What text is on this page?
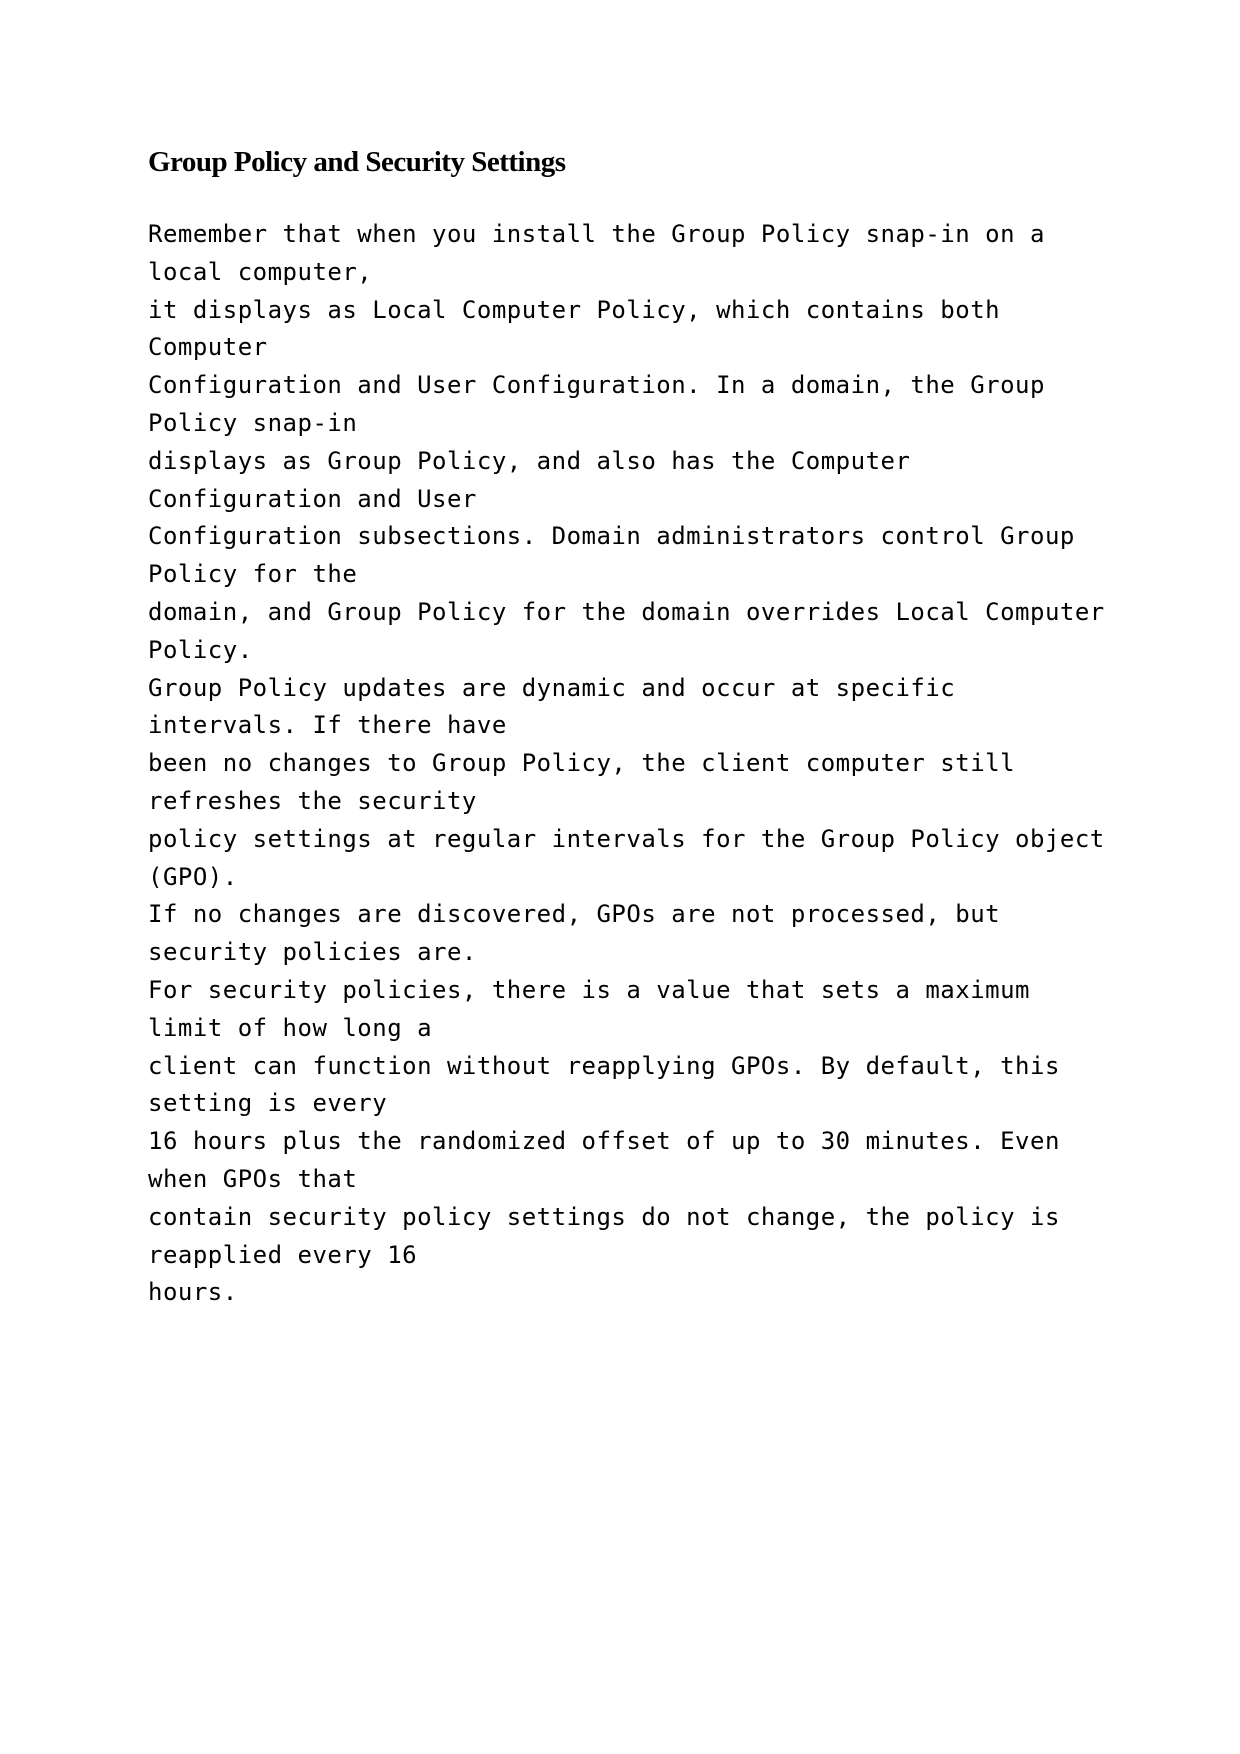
Group Policy and Security Settings
Remember that when you install the Group Policy snap-in on a
local computer,
it displays as Local Computer Policy, which contains both
Computer
Configuration and User Configuration. In a domain, the Group
Policy snap-in
displays as Group Policy, and also has the Computer
Configuration and User
Configuration subsections. Domain administrators control Group
Policy for the
domain, and Group Policy for the domain overrides Local Computer
Policy.
Group Policy updates are dynamic and occur at specific
intervals. If there have
been no changes to Group Policy, the client computer still
refreshes the security
policy settings at regular intervals for the Group Policy object
(GPO).
If no changes are discovered, GPOs are not processed, but
security policies are.
For security policies, there is a value that sets a maximum
limit of how long a
client can function without reapplying GPOs. By default, this
setting is every
16 hours plus the randomized offset of up to 30 minutes. Even
when GPOs that
contain security policy settings do not change, the policy is
reapplied every 16
hours.
